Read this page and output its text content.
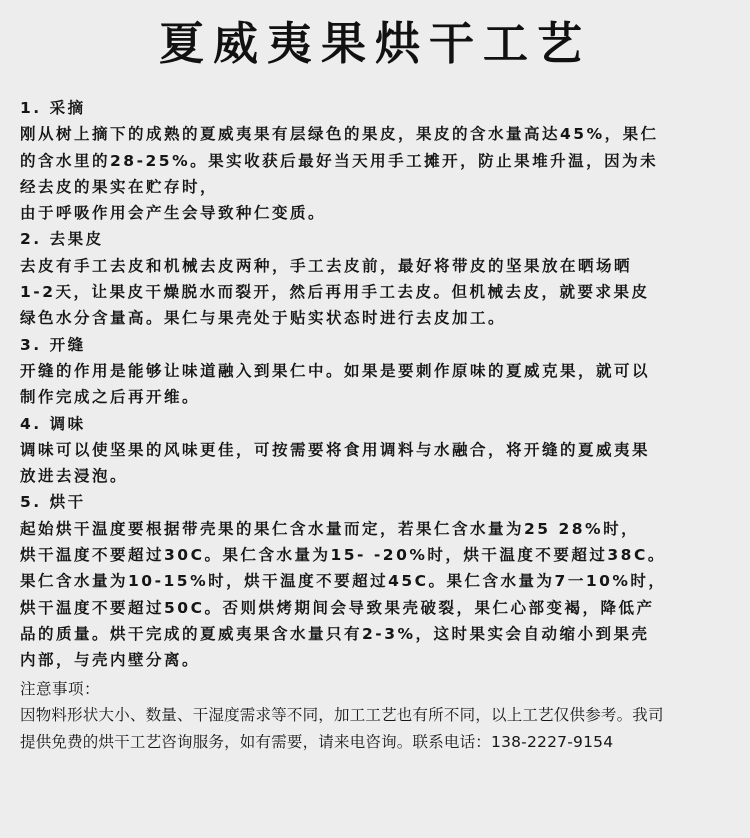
夏威夷果烘干工艺
1. 采摘
刚从树上摘下的成熟的夏威夷果有层绿色的果皮，果皮的含水量高达45%，果仁
的含水里的28-25%。果实收获后最好当天用手工摊开，防止果堆升温，因为未
经去皮的果实在贮存时，
由于呼吸作用会产生会导致种仁变质。
2. 去果皮
去皮有手工去皮和机械去皮两种，手工去皮前，最好将带皮的坚果放在晒场晒
1-2天，让果皮干燥脱水而裂开，然后再用手工去皮。但机械去皮，就要求果皮
绿色水分含量高。果仁与果壳处于贴实状态时进行去皮加工。
3. 开缝
开缝的作用是能够让味道融入到果仁中。如果是要刺作原味的夏威克果，就可以
制作完成之后再开维。
4. 调味
调味可以使坚果的风味更佳，可按需要将食用调料与水融合，将开缝的夏威夷果
放进去浸泡。
5. 烘干
起始烘干温度要根据带壳果的果仁含水量而定，若果仁含水量为25 28%时，
烘干温度不要超过30C。果仁含水量为15- -20%时，烘干温度不要超过38C。
果仁含水量为10-15%时，烘干温度不要超过45C。果仁含水量为7一10%时，
烘干温度不要超过50C。否则烘烤期间会导致果壳破裂，果仁心部变褐，降低产
品的质量。烘干完成的夏威夷果含水量只有2-3%，这时果实会自动缩小到果壳
内部，与壳内壁分离。
注意事项：
因物料形状大小、数量、干湿度需求等不同，加工工艺也有所不同，以上工艺仅供参考。我司
提供免费的烘干工艺咨询服务，如有需要，请来电咨询。联系电话：138-2227-9154
